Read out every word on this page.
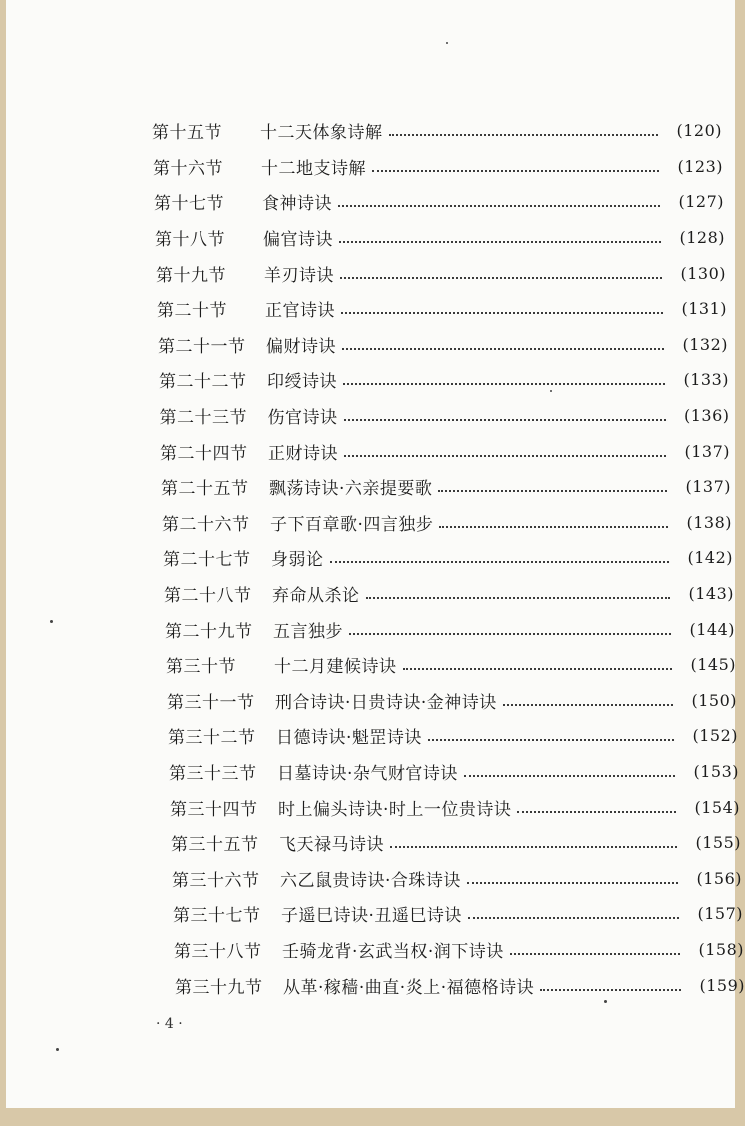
第十五节	十二天体象诗解	(120)
第十六节	十二地支诗解	(123)
第十七节	食神诗诀	(127)
第十八节	偏官诗诀	(128)
第十九节	羊刃诗诀	(130)
第二十节	正官诗诀	(131)
第二十一节	偏财诗诀	(132)
第二十二节	印绶诗诀	(133)
第二十三节	伤官诗诀	(136)
第二十四节	正财诗诀	(137)
第二十五节	飘荡诗诀·六亲提要歌	(137)
第二十六节	子下百章歌·四言独步	(138)
第二十七节	身弱论	(142)
第二十八节	弃命从杀论	(143)
第二十九节	五言独步	(144)
第三十节	十二月建候诗诀	(145)
第三十一节	刑合诗诀·日贵诗诀·金神诗诀	(150)
第三十二节	日德诗诀·魁罡诗诀	(152)
第三十三节	日墓诗诀·杂气财官诗诀	(153)
第三十四节	时上偏头诗诀·时上一位贵诗诀	(154)
第三十五节	飞天禄马诗诀	(155)
第三十六节	六乙鼠贵诗诀·合珠诗诀	(156)
第三十七节	子遥巳诗诀·丑遥巳诗诀	(157)
第三十八节	壬骑龙背·玄武当权·润下诗诀	(158)
第三十九节	从革·稼穑·曲直·炎上·福德格诗诀	(159)
· 4 ·
